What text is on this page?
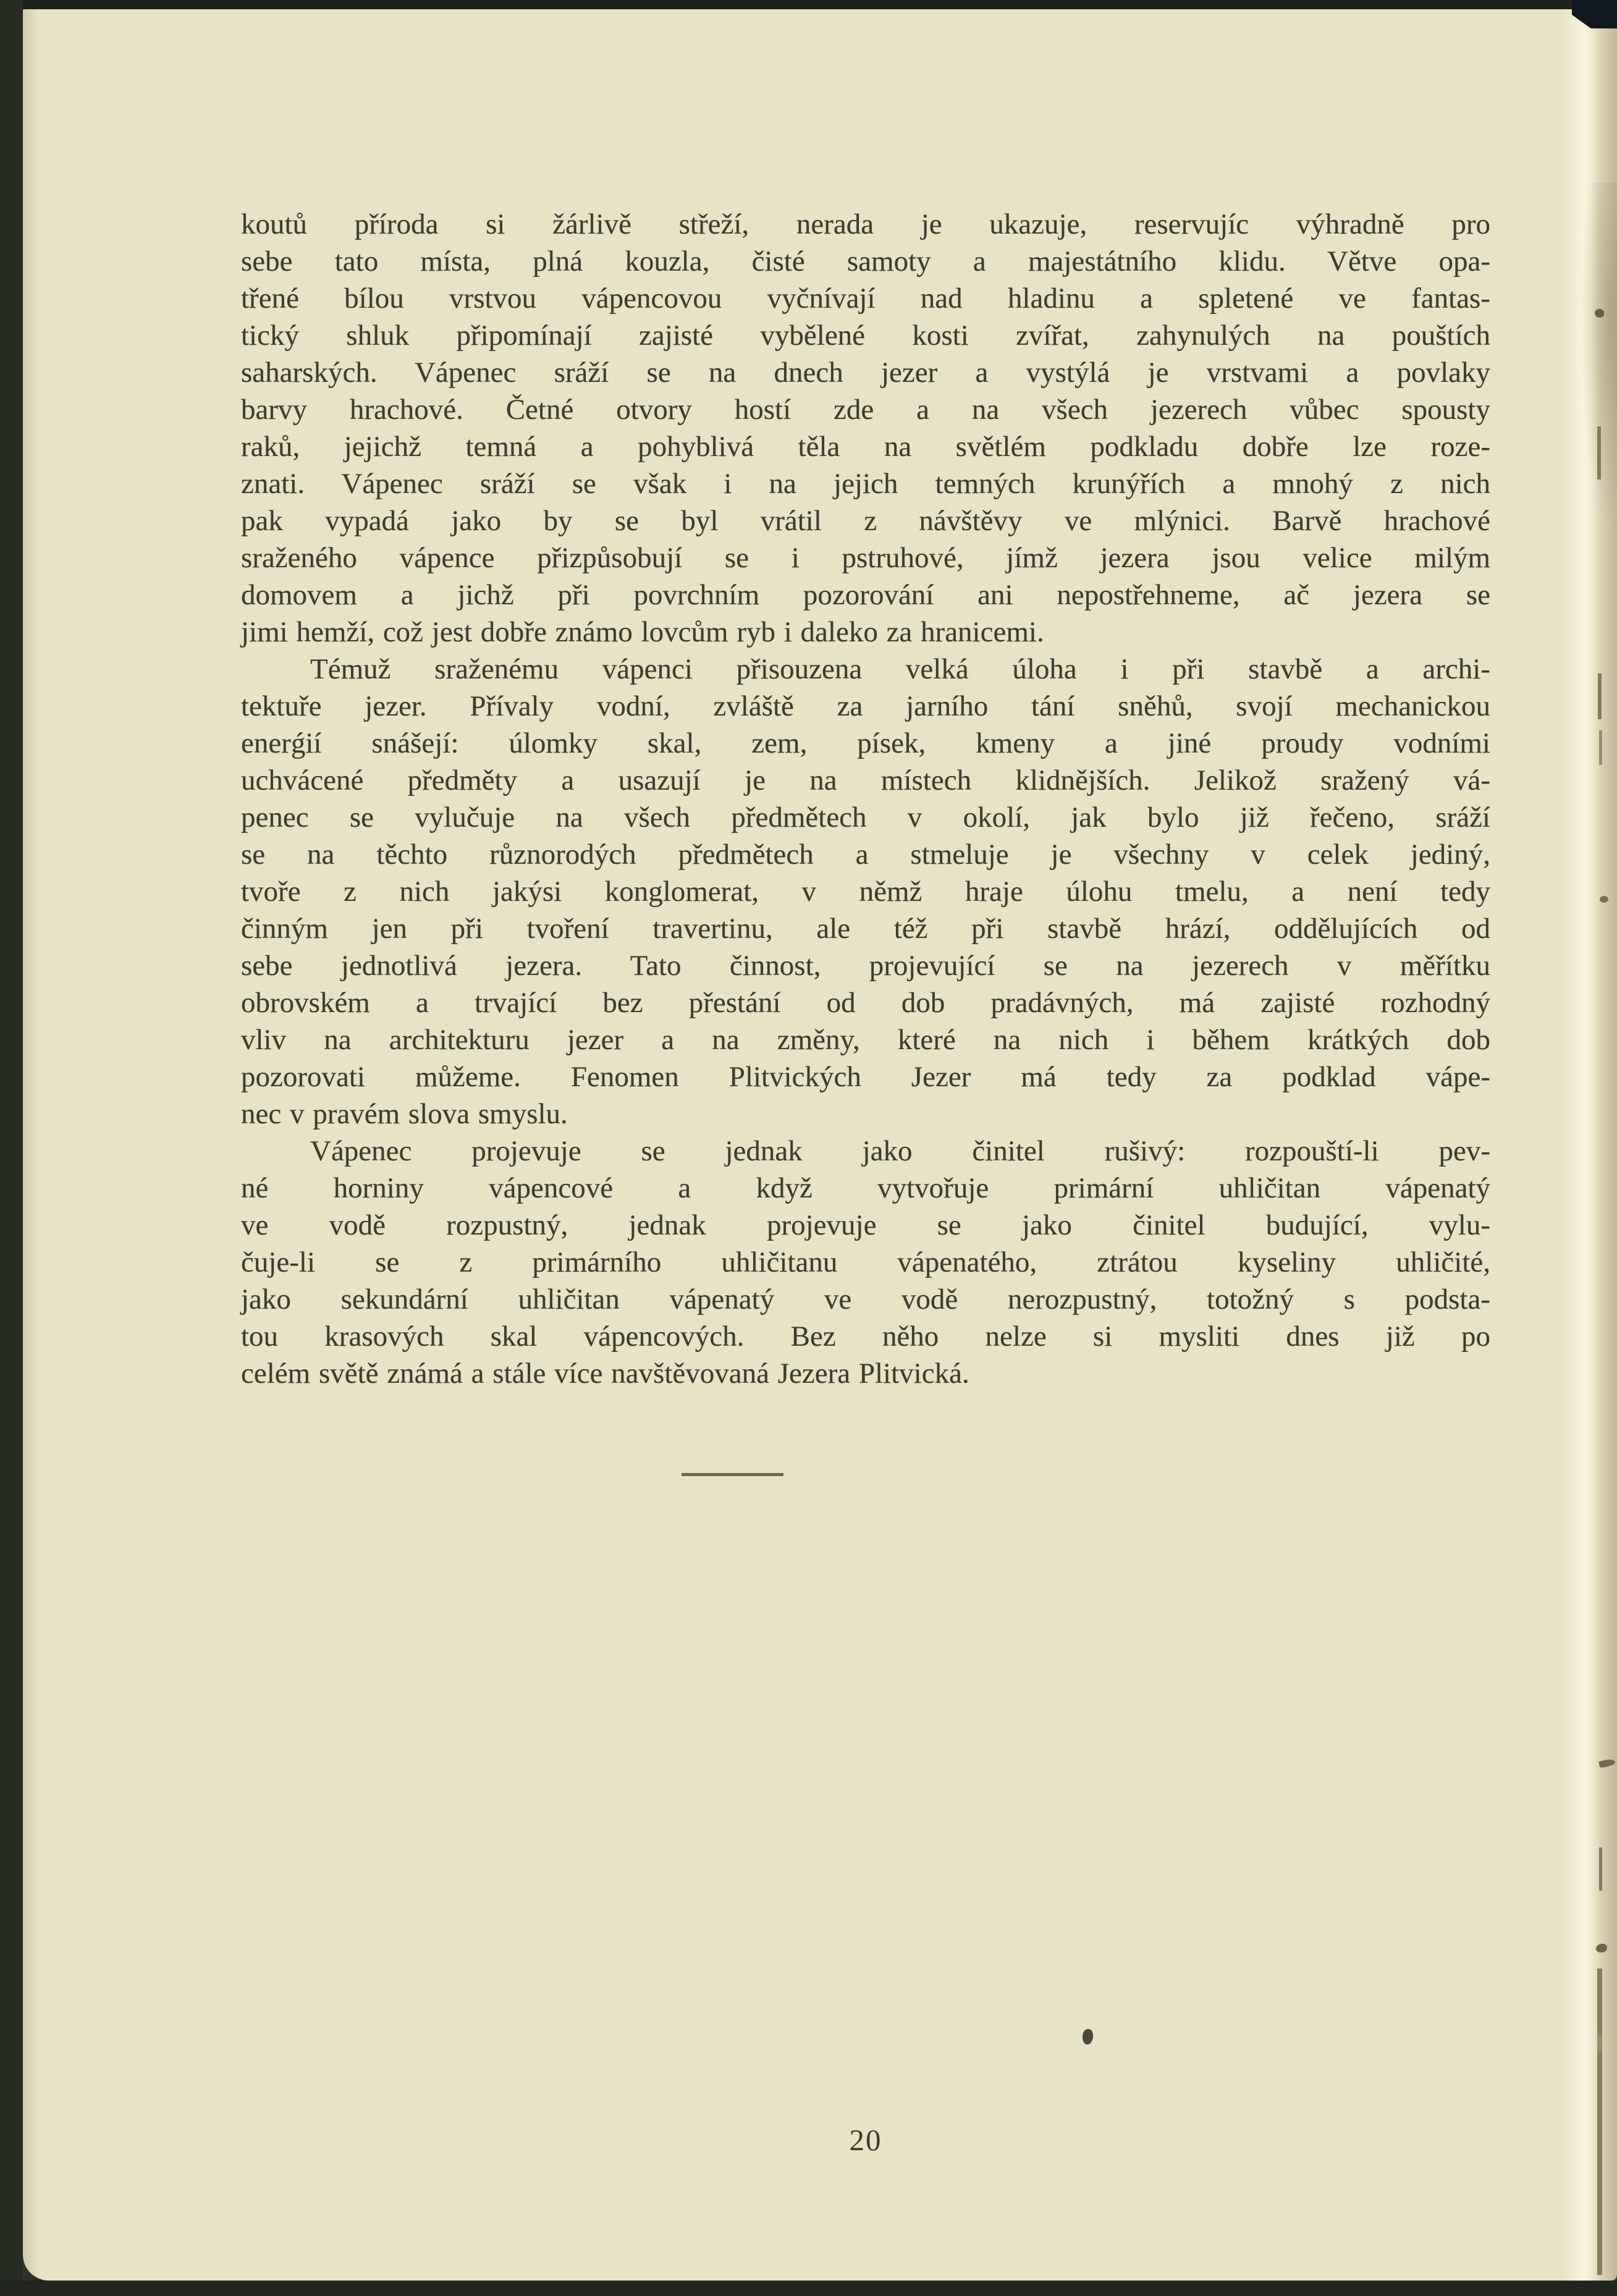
koutů příroda si žárlivě střeží, nerada je ukazuje, reservujíc výhradně pro
sebe tato místa, plná kouzla, čisté samoty a majestátního klidu. Větve opa-
třené bílou vrstvou vápencovou vyčnívají nad hladinu a spletené ve fantas-
tický shluk připomínají zajisté vybělené kosti zvířat, zahynulých na pouštích
saharských. Vápenec sráží se na dnech jezer a vystýlá je vrstvami a povlaky
barvy hrachové. Četné otvory hostí zde a na všech jezerech vůbec spousty
raků, jejichž temná a pohyblivá těla na světlém podkladu dobře lze roze-
znati. Vápenec sráží se však i na jejich temných krunýřích a mnohý z nich
pak vypadá jako by se byl vrátil z návštěvy ve mlýnici. Barvě hrachové
sraženého vápence přizpůsobují se i pstruhové, jímž jezera jsou velice milým
domovem a jichž při povrchním pozorování ani nepostřehneme, ač jezera se
jimi hemží, což jest dobře známo lovcům ryb i daleko za hranicemi.
Témuž sraženému vápenci přisouzena velká úloha i při stavbě a archi-
tektuře jezer. Přívaly vodní, zvláště za jarního tání sněhů, svojí mechanickou
enerǵií snášejí: úlomky skal, zem, písek, kmeny a jiné proudy vodními
uchvácené předměty a usazují je na místech klidnějších. Jelikož sražený vá-
penec se vylučuje na všech předmětech v okolí, jak bylo již řečeno, sráží
se na těchto různorodých předmětech a stmeluje je všechny v celek jediný,
tvoře z nich jakýsi konglomerat, v němž hraje úlohu tmelu, a není tedy
činným jen při tvoření travertinu, ale též při stavbě hrází, oddělujících od
sebe jednotlivá jezera. Tato činnost, projevující se na jezerech v měřítku
obrovském a trvající bez přestání od dob pradávných, má zajisté rozhodný
vliv na architekturu jezer a na změny, které na nich i během krátkých dob
pozorovati můžeme. Fenomen Plitvických Jezer má tedy za podklad vápe-
nec v pravém slova smyslu.
Vápenec projevuje se jednak jako činitel rušivý: rozpouští-li pev-
né horniny vápencové a když vytvořuje primární uhličitan vápenatý
ve vodě rozpustný, jednak projevuje se jako činitel budující, vylu-
čuje-li se z primárního uhličitanu vápenatého, ztrátou kyseliny uhličité,
jako sekundární uhličitan vápenatý ve vodě nerozpustný, totožný s podsta-
tou krasových skal vápencových. Bez něho nelze si mysliti dnes již po
celém světě známá a stále více navštěvovaná Jezera Plitvická.
20
